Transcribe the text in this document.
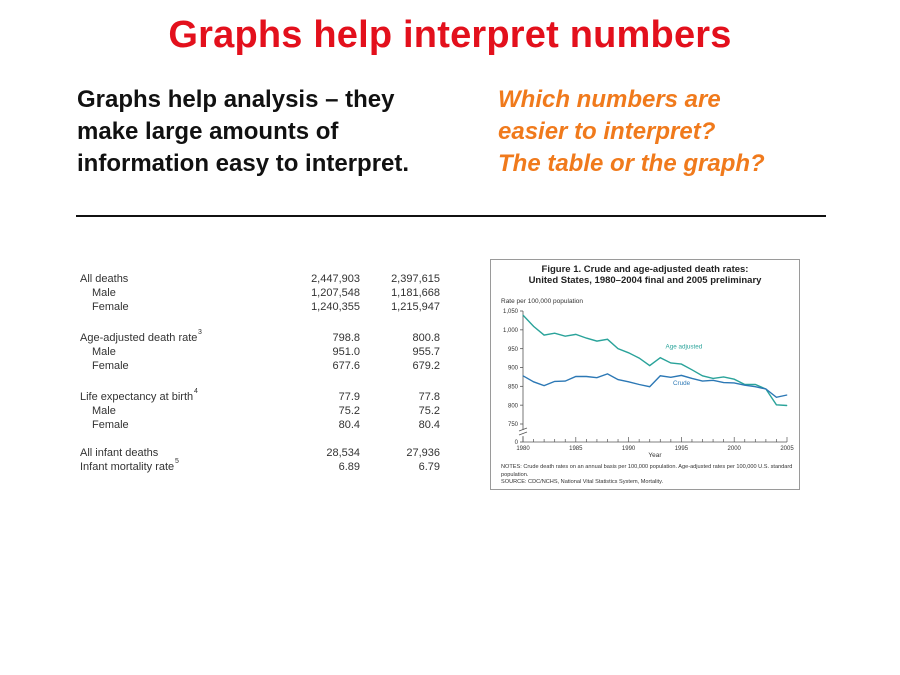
Graphs help interpret numbers
Graphs help analysis – they
make large amounts of
information easy to interpret.
Which numbers are
easier to interpret?
The table or the graph?
All deaths	2,447,903	2,397,615
Male	1,207,548	1,181,668
Female	1,240,355	1,215,947
Age-adjusted death rate 3	798.8	800.8
Male	951.0	955.7
Female	677.6	679.2
Life expectancy at birth 4	77.9	77.8
Male	75.2	75.2
Female	80.4	80.4
All infant deaths	28,534	27,936
Infant mortality rate 5	6.89	6.79
Figure 1. Crude and age-adjusted death rates:
United States, 1980–2004 final and 2005 preliminary
Rate per 100,000 population
750
800
850
900
950
1,000
1,050
0
1980	1985	1990	1995	2000	2005
Year
Age adjusted
Crude
NOTES: Crude death rates on an annual basis per 100,000 population. Age-adjusted rates per 100,000 U.S. standard population.
SOURCE: CDC/NCHS, National Vital Statistics System, Mortality.
